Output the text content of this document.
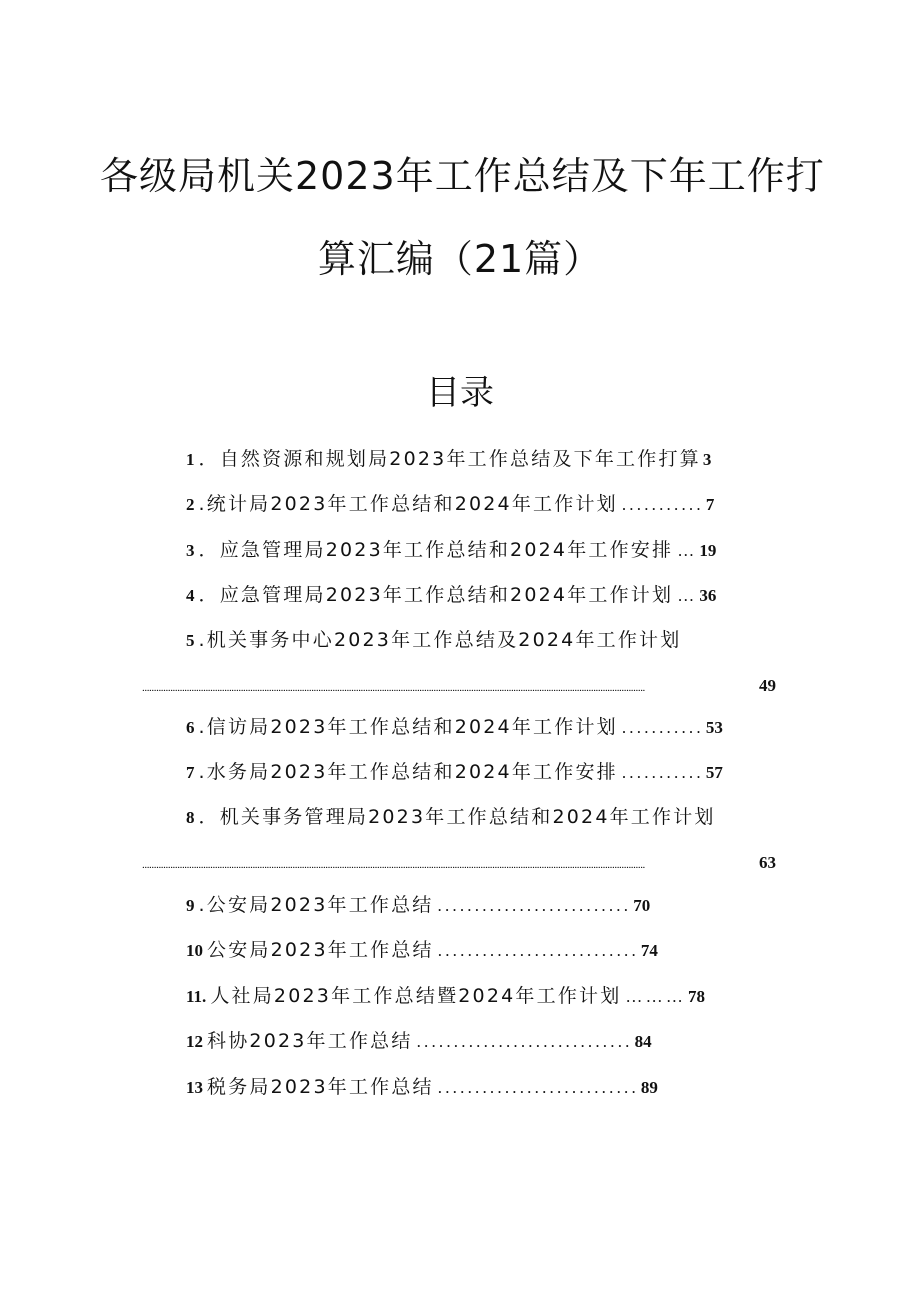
各级局机关2023年工作总结及下年工作打
算汇编（21篇）
目录
1 ．自然资源和规划局2023年工作总结及下年工作打算 3
2 .统计局2023年工作总结和2024年工作计划 ........... 7
3 ．应急管理局2023年工作总结和2024年工作安排 … 19
4 ．应急管理局2023年工作总结和2024年工作计划 … 36
5 .机关事务中心2023年工作总结及2024年工作计划
......................................................................................................................................................................................................................	49
6 .信访局2023年工作总结和2024年工作计划 ........... 53
7 .水务局2023年工作总结和2024年工作安排 ........... 57
8 ．机关事务管理局2023年工作总结和2024年工作计划
......................................................................................................................................................................................................................	63
9 .公安局2023年工作总结 .......................... 70
10 公安局2023年工作总结 ........................... 74
11. 人社局2023年工作总结暨2024年工作计划 ……… 78
12 科协2023年工作总结 ............................. 84
13 税务局2023年工作总结 ........................... 89
